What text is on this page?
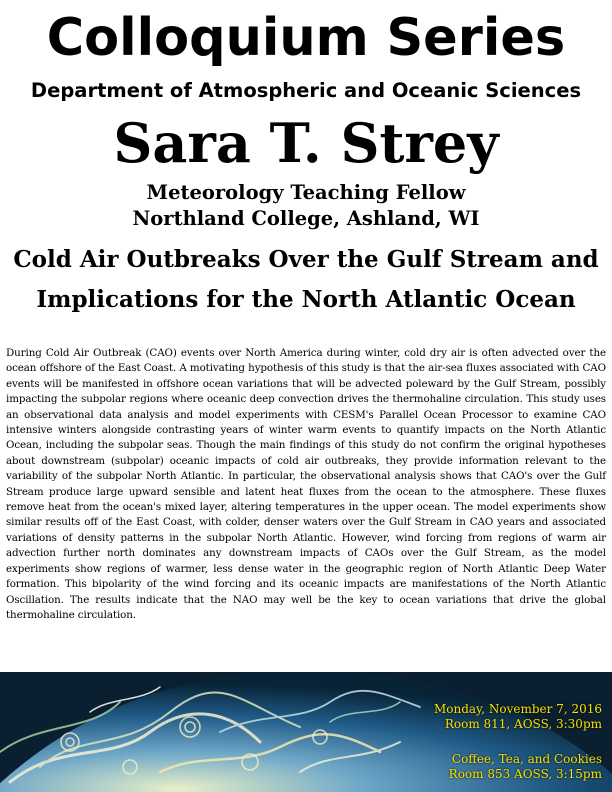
Colloquium Series
Department of Atmospheric and Oceanic Sciences
Sara T. Strey
Meteorology Teaching Fellow
Northland College, Ashland, WI
Cold Air Outbreaks Over the Gulf Stream and
Implications for the North Atlantic Ocean
During Cold Air Outbreak (CAO) events over North America during winter, cold dry air is often advected over the ocean offshore of the East Coast. A motivating hypothesis of this study is that the air-sea fluxes associated with CAO events will be manifested in offshore ocean variations that will be advected poleward by the Gulf Stream, possibly impacting the subpolar regions where oceanic deep convection drives the thermohaline circulation. This study uses an observational data analysis and model experiments with CESM's Parallel Ocean Processor to examine CAO intensive winters alongside contrasting years of winter warm events to quantify impacts on the North Atlantic Ocean, including the subpolar seas. Though the main findings of this study do not confirm the original hypotheses about downstream (subpolar) oceanic impacts of cold air outbreaks, they provide information relevant to the variability of the subpolar North Atlantic. In particular, the observational analysis shows that CAO's over the Gulf Stream produce large upward sensible and latent heat fluxes from the ocean to the atmosphere. These fluxes remove heat from the ocean's mixed layer, altering temperatures in the upper ocean. The model experiments show similar results off of the East Coast, with colder, denser waters over the Gulf Stream in CAO years and associated variations of density patterns in the subpolar North Atlantic. However, wind forcing from regions of warm air advection further north dominates any downstream impacts of CAOs over the Gulf Stream, as the model experiments show regions of warmer, less dense water in the geographic region of North Atlantic Deep Water formation. This bipolarity of the wind forcing and its oceanic impacts are manifestations of the North Atlantic Oscillation. The results indicate that the NAO may well be the key to ocean variations that drive the global thermohaline circulation.
Monday, November 7, 2016
Room 811, AOSS, 3:30pm
Coffee, Tea, and Cookies
Room 853 AOSS, 3:15pm
